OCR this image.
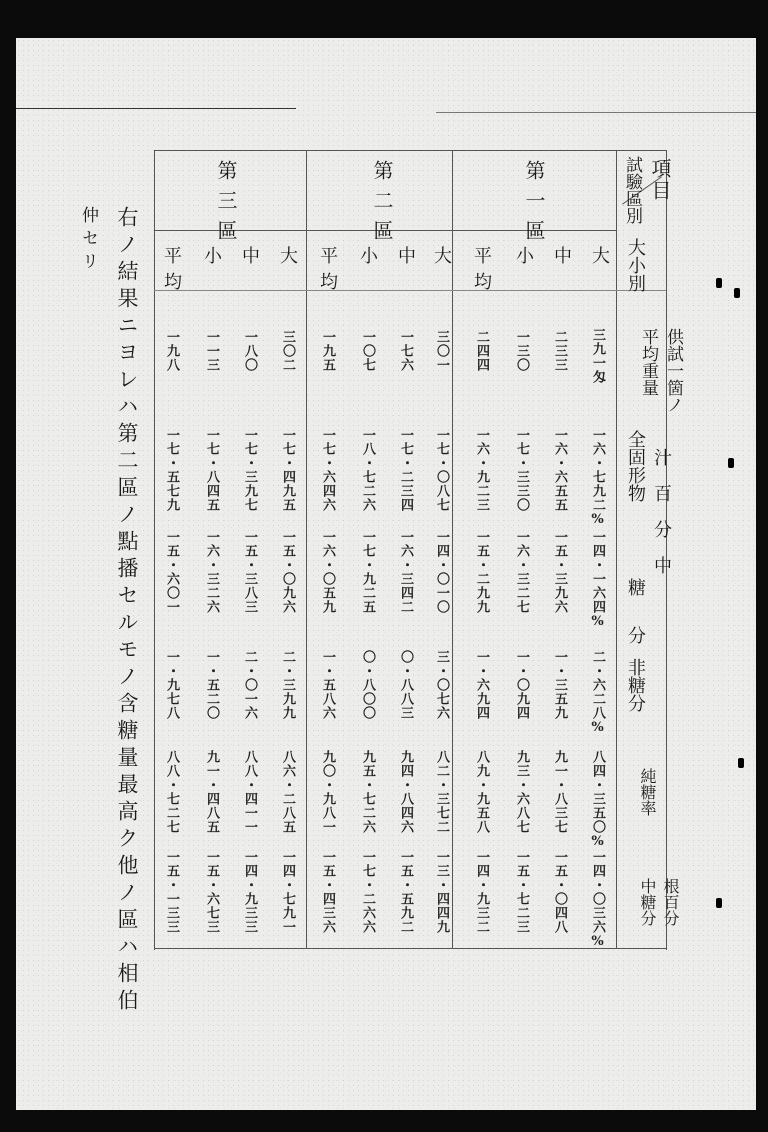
項目
試驗區別
大小別
供試一箇ノ平均重量
汁百分中
全固形物
糖分
非糖分
純糖率
根百分中糖分
第一區
第二區
第三區
大
中
小
平均
三九一匁
二三三
一三〇
二四四
一六・七九二%
一六・六五五
一七・三三〇
一六・九二三
一四・一六四%
一五・三九六
一六・三二七
一五・二九九
二・六二八%
一・三五九
一・〇九四
一・六九四
八四・三五〇%
九一・八三七
九三・六八七
八九・九五八
一四・〇三六%
一五・〇四八
一五・七二三
一四・九三二
大
中
小
平均
三〇一
一七六
一〇七
一九五
一七・〇八七
一七・二三四
一八・七二六
一七・六四六
一四・〇一〇
一六・三四二
一七・九二五
一六・〇五九
三・〇七六
〇・八八三
〇・八〇〇
一・五八六
八二・三七二
九四・八四六
九五・七二六
九〇・九八一
一三・四四九
一五・五九二
一七・二六六
一五・四三六
大
中
小
平均
三〇二
一八〇
一一三
一九八
一七・四九五
一七・三九七
一七・八四五
一七・五七九
一五・〇九六
一五・三八三
一六・三二六
一五・六〇一
二・三九九
二・〇一六
一・五二〇
一・九七八
八六・二八五
八八・四一一
九一・四八五
八八・七二七
一四・七九一
一四・九三三
一五・六七三
一五・一三三
右ノ結果ニヨレハ第二區ノ點播セルモノ含糖量最高ク他ノ區ハ相伯
仲セリ
